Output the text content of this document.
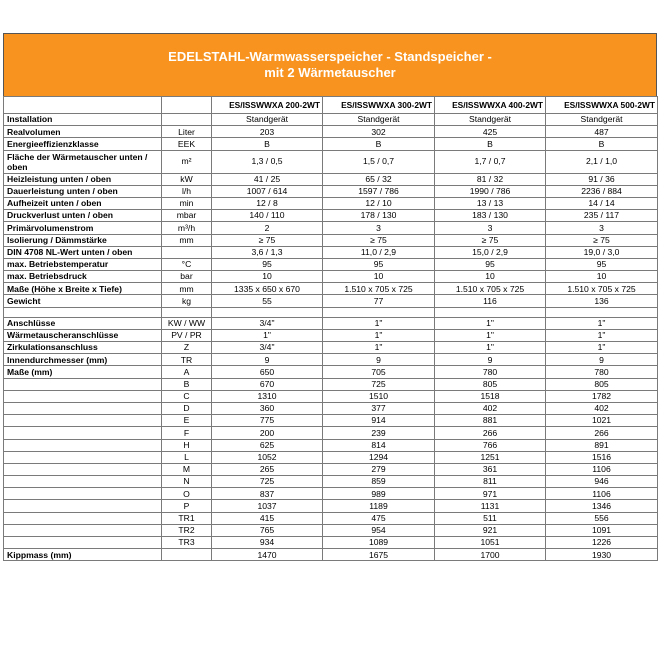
EDELSTAHL-Warmwasserspeicher - Standspeicher -
mit 2 Wärmetauscher
		ES/ISSWWXA 200-2WT	ES/ISSWWXA 300-2WT	ES/ISSWWXA 400-2WT	ES/ISSWWXA 500-2WT
Installation		Standgerät	Standgerät	Standgerät	Standgerät
Realvolumen	Liter	203	302	425	487
Energieeffizienzklasse	EEK	B	B	B	B
Fläche der Wärmetauscher unten / oben	m²	1,3 / 0,5	1,5 / 0,7	1,7 / 0,7	2,1 / 1,0
Heizleistung unten / oben	kW	41 / 25	65 / 32	81 / 32	91 / 36
Dauerleistung unten / oben	l/h	1007 / 614	1597 / 786	1990 / 786	2236 / 884
Aufheizeit unten / oben	min	12 / 8	12 / 10	13 / 13	14 / 14
Druckverlust unten / oben	mbar	140 / 110	178 / 130	183 / 130	235 / 117
Primärvolumenstrom	m³/h	2	3	3	3
Isolierung / Dämmstärke	mm	≥ 75	≥ 75	≥ 75	≥ 75
DIN 4708 NL-Wert unten / oben		3,6 / 1,3	11,0 / 2,9	15,0 / 2,9	19,0 / 3,0
max. Betriebstemperatur	°C	95	95	95	95
max. Betriebsdruck	bar	10	10	10	10
Maße (Höhe x Breite x Tiefe)	mm	1335 x 650 x 670	1.510 x 705 x 725	1.510 x 705 x 725	1.510 x 705 x 725
Gewicht	kg	55	77	116	136

Anschlüsse	KW / WW	3/4"	1"	1"	1"
Wärmetauscheranschlüsse	PV / PR	1"	1"	1"	1"
Zirkulationsanschluss	Z	3/4"	1"	1"	1"
Innendurchmesser (mm)	TR	9	9	9	9
Maße (mm)	A	650	705	780	780
	B	670	725	805	805
	C	1310	1510	1518	1782
	D	360	377	402	402
	E	775	914	881	1021
	F	200	239	266	266
	H	625	814	766	891
	L	1052	1294	1251	1516
	M	265	279	361	1106
	N	725	859	811	946
	O	837	989	971	1106
	P	1037	1189	1131	1346
	TR1	415	475	511	556
	TR2	765	954	921	1091
	TR3	934	1089	1051	1226
Kippmass (mm)		1470	1675	1700	1930
